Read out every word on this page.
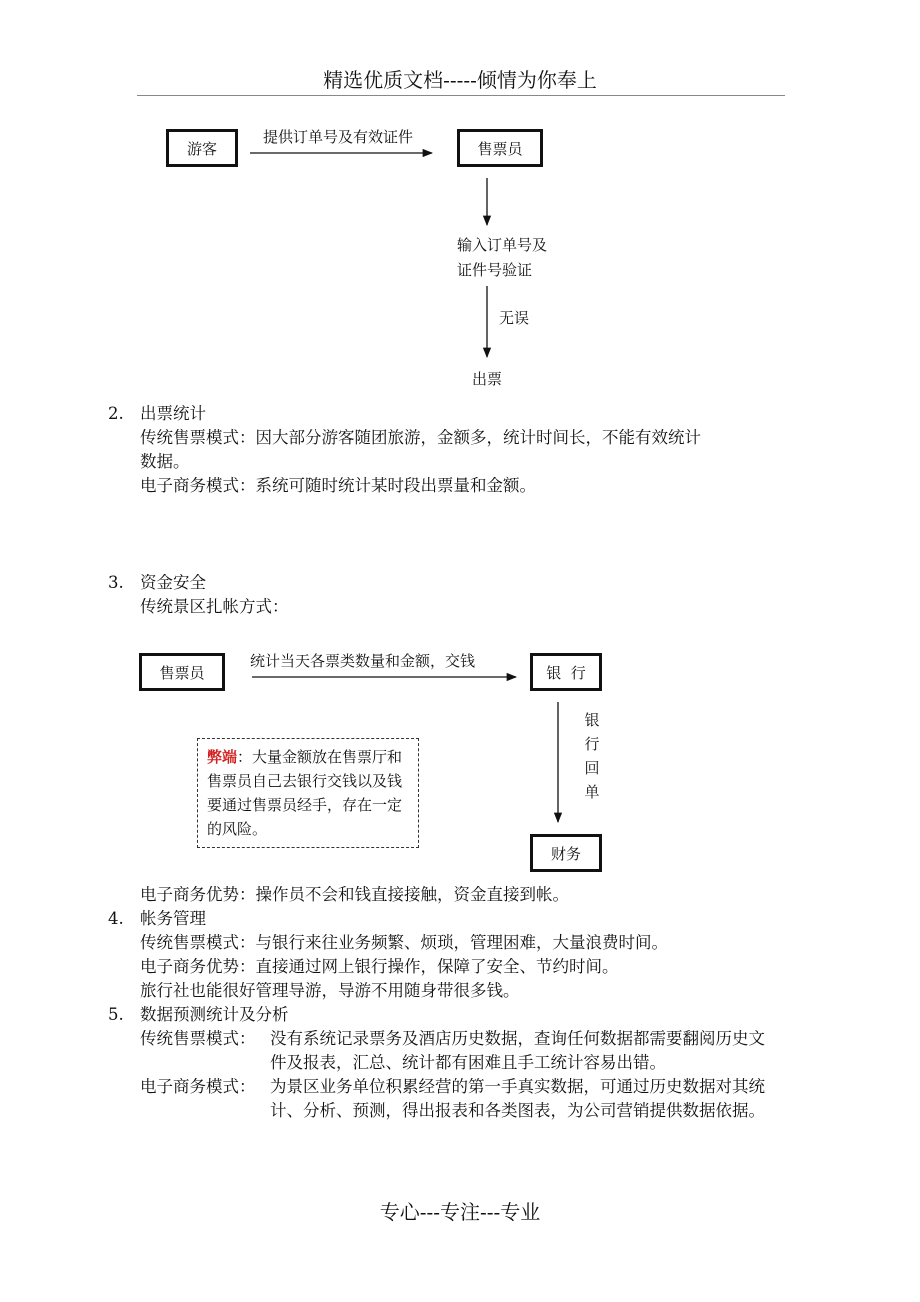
精选优质文档-----倾情为你奉上
游客
提供订单号及有效证件
售票员
输入订单号及
证件号验证
无误
出票
2. 出票统计
传统售票模式：因大部分游客随团旅游，金额多，统计时间长，不能有效统计
数据。
电子商务模式：系统可随时统计某时段出票量和金额。
3. 资金安全
传统景区扎帐方式：
售票员
统计当天各票类数量和金额，交钱
银  行
银
行
回
单
财务
弊端：大量金额放在售票厅和售票员自己去银行交钱以及钱要通过售票员经手，存在一定的风险。
电子商务优势：操作员不会和钱直接接触，资金直接到帐。
4. 帐务管理
传统售票模式：与银行来往业务频繁、烦琐，管理困难，大量浪费时间。
电子商务优势：直接通过网上银行操作，保障了安全、节约时间。
旅行社也能很好管理导游，导游不用随身带很多钱。
5. 数据预测统计及分析
传统售票模式： 没有系统记录票务及酒店历史数据，查询任何数据都需要翻阅历史文件及报表，汇总、统计都有困难且手工统计容易出错。
电子商务模式： 为景区业务单位积累经营的第一手真实数据，可通过历史数据对其统计、分析、预测，得出报表和各类图表，为公司营销提供数据依据。
专心---专注---专业
